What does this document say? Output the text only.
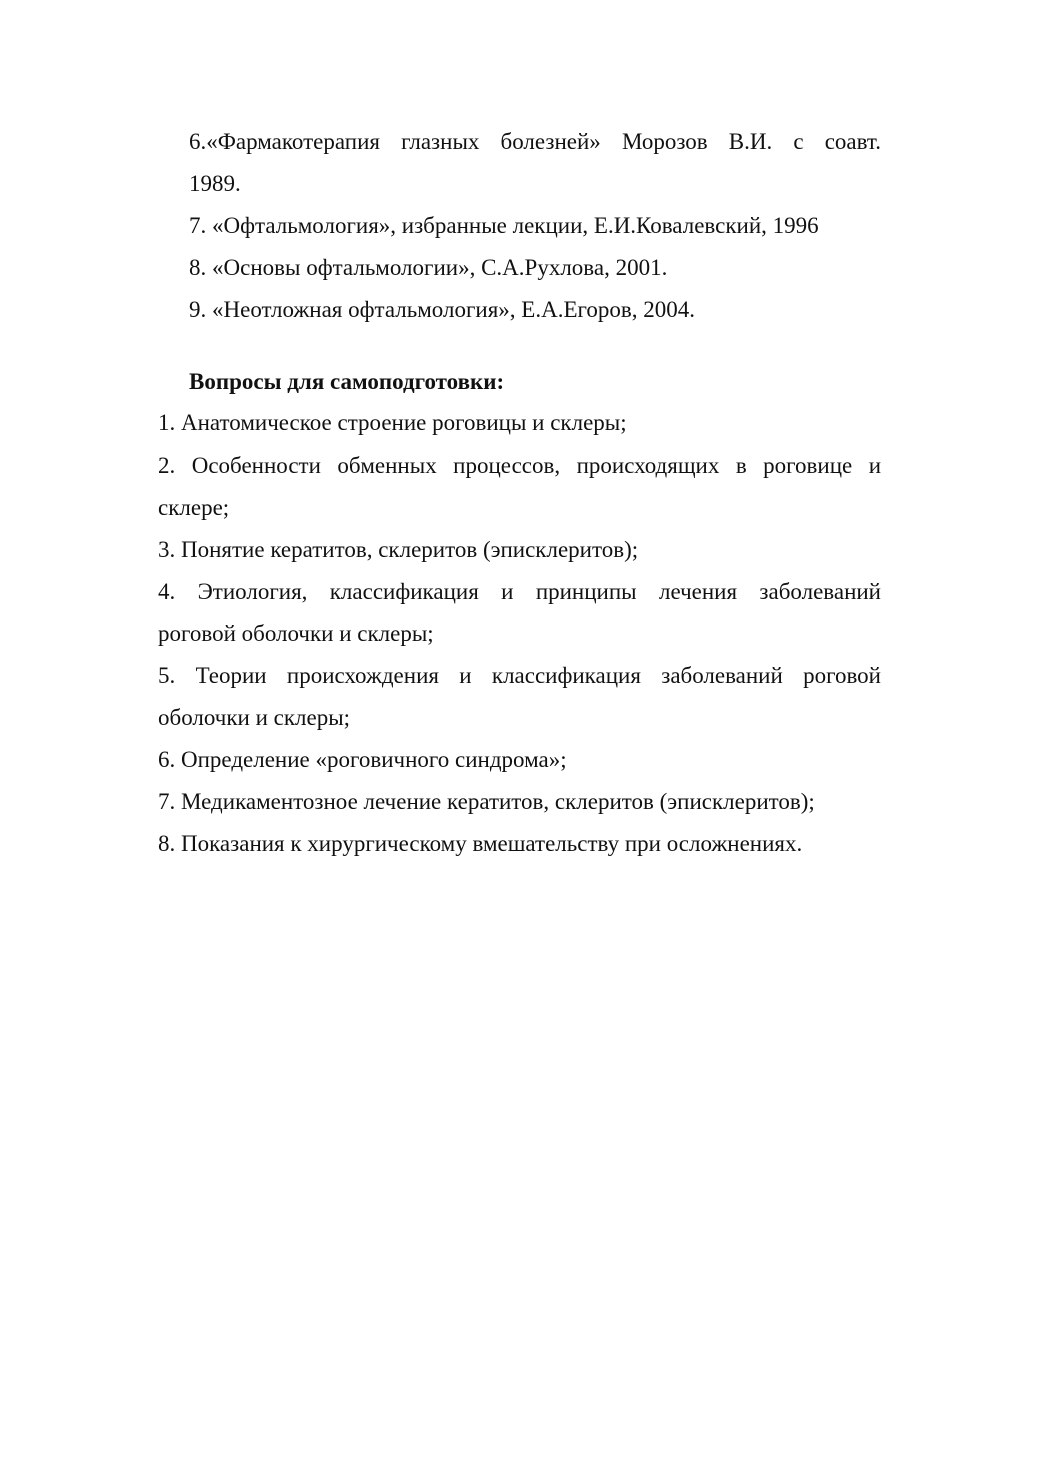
6.«Фармакотерапия глазных болезней» Морозов В.И. с соавт.
1989.
7. «Офтальмология», избранные лекции, Е.И.Ковалевский, 1996
8. «Основы офтальмологии», С.А.Рухлова, 2001.
9. «Неотложная офтальмология», Е.А.Егоров, 2004.
Вопросы для самоподготовки:
1. Анатомическое строение роговицы и склеры;
2. Особенности обменных процессов, происходящих в роговице и
склере;
3. Понятие кератитов, склеритов (эписклеритов);
4. Этиология, классификация и принципы лечения заболеваний
роговой оболочки и склеры;
5. Теории происхождения и классификация заболеваний роговой
оболочки и склеры;
6. Определение «роговичного синдрома»;
7. Медикаментозное лечение кератитов, склеритов (эписклеритов);
8. Показания к хирургическому вмешательству при осложнениях.
